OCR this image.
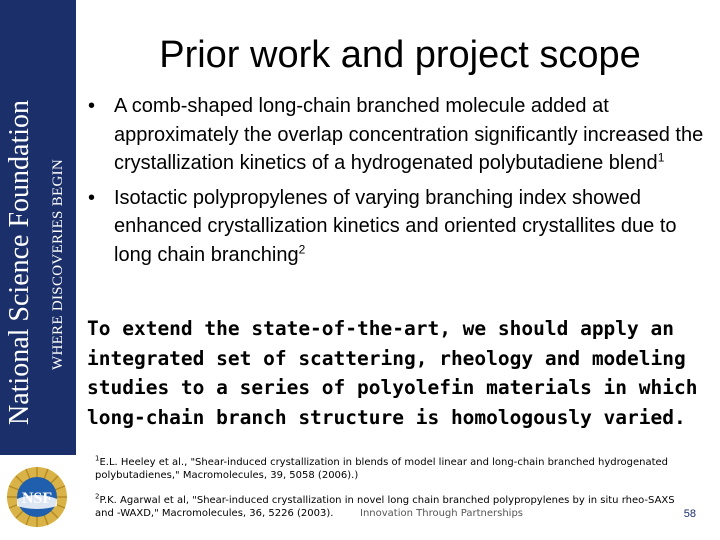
National Science Foundation WHERE DISCOVERIES BEGIN
NSF
Prior work and project scope
• A comb-shaped long-chain branched molecule added at approximately the overlap concentration significantly increased the crystallization kinetics of a hydrogenated polybutadiene blend$^1$
• Isotactic polypropylenes of varying branching index showed enhanced crystallization kinetics and oriented crystallites due to long chain branching$^2$

To extend the state-of-the-art, we should apply an integrated set of scattering, rheology and modeling studies to a series of polyolefin materials in which long-chain branch structure is homologously varied.

$^1$E.L. Heeley et al., "Shear-induced crystallization in blends of model linear and long-chain branched hydrogenated polybutadienes," Macromolecules, 39, 5058 (2006).)

$^2$P.K. Agarwal et al, "Shear-induced crystallization in novel long chain branched polypropylenes by in situ rheo-SAXS and -WAXD," Macromolecules, 36, 5226 (2003).	Innovation Through Partnerships	58
